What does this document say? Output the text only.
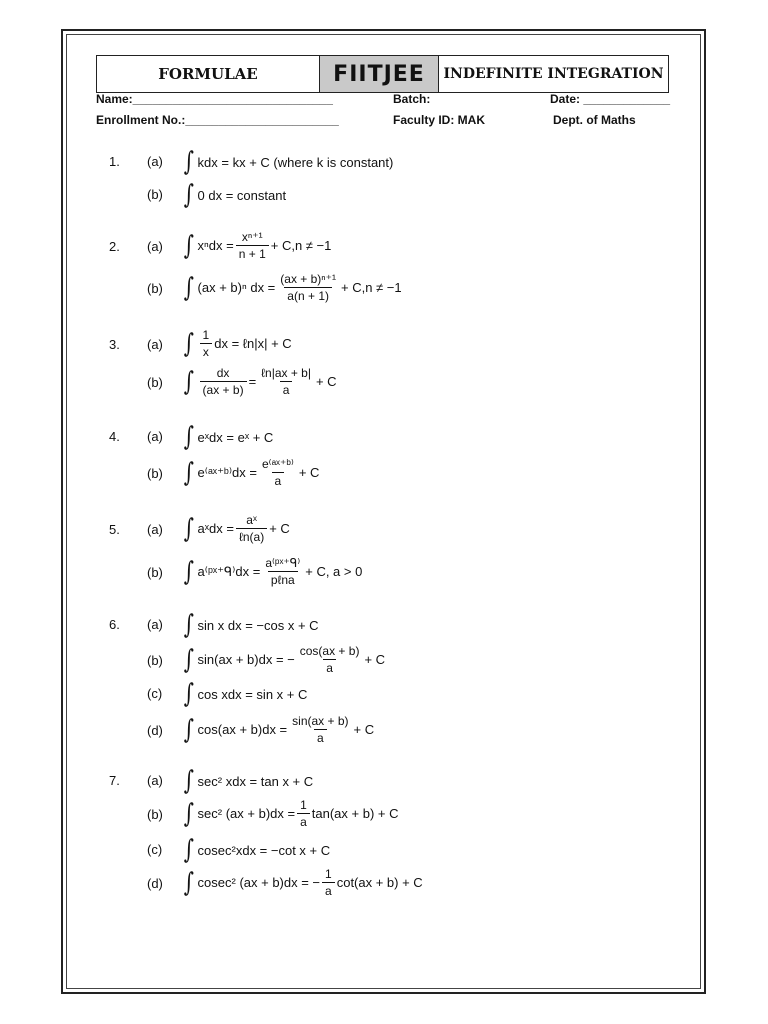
FORMULAE	FIITJEE	INDEFINITE INTEGRATION
Name:______________________________	Batch:	Date: _____________
Enrollment No.:_______________________	Faculty ID: MAK	Dept. of Maths
1. (a) ∫ kdx = kx + C (where k is constant)
(b) ∫ 0 dx = constant
2. (a) ∫ $x^ndx = \frac{\text{xⁿ⁺¹}}{n + 1} + C,n \ne -1$
(b) ∫ (ax + b)ⁿ dx = $\frac{\text{(ax + b)ⁿ⁺¹}}{a(n + 1)} + C,n \ne -1$
3. (a) ∫ $\frac{1}{x}$ dx = ℓn|x| + C
(b) ∫ $\frac{dx}{(ax + b)} = \frac{\text{ℓn|ax + b|}}{a} + C$
4. (a) ∫ eˣdx = eˣ + C
(b) ∫ e⁽ᵃˣ⁺ᵇ⁾dx = $\frac{\text{e⁽ᵃˣ⁺ᵇ⁾}}{a} + C$
5. (a) ∫ aˣdx = $\frac{\text{aˣ}}{\text{ℓn(a)}} + C$
(b) ∫ a⁽ᵖˣ⁺ᑫ⁾dx = $\frac{\text{a⁽ᵖˣ⁺ᑫ⁾}}{\text{pℓna}} + C$, a > 0
6. (a) ∫ sin x dx = −cos x + C
(b) ∫ sin(ax + b)dx = − $\frac{\cos(ax + b)}{a} + C$
(c) ∫ cos xdx = sin x + C
(d) ∫ $\cos(ax + b)dx = \frac{\sin(ax + b)}{a} + C$
7. (a) ∫ sec² xdx = tan x + C
(b) ∫ sec² $(ax + b)dx = \frac{1}{a} \tan(ax + b) + C$
(c) ∫ cosec²xdx = −cot x + C
(d) ∫ cosec² (ax + b)dx = − $\frac{1}{a} \cot(ax + b) + C$
